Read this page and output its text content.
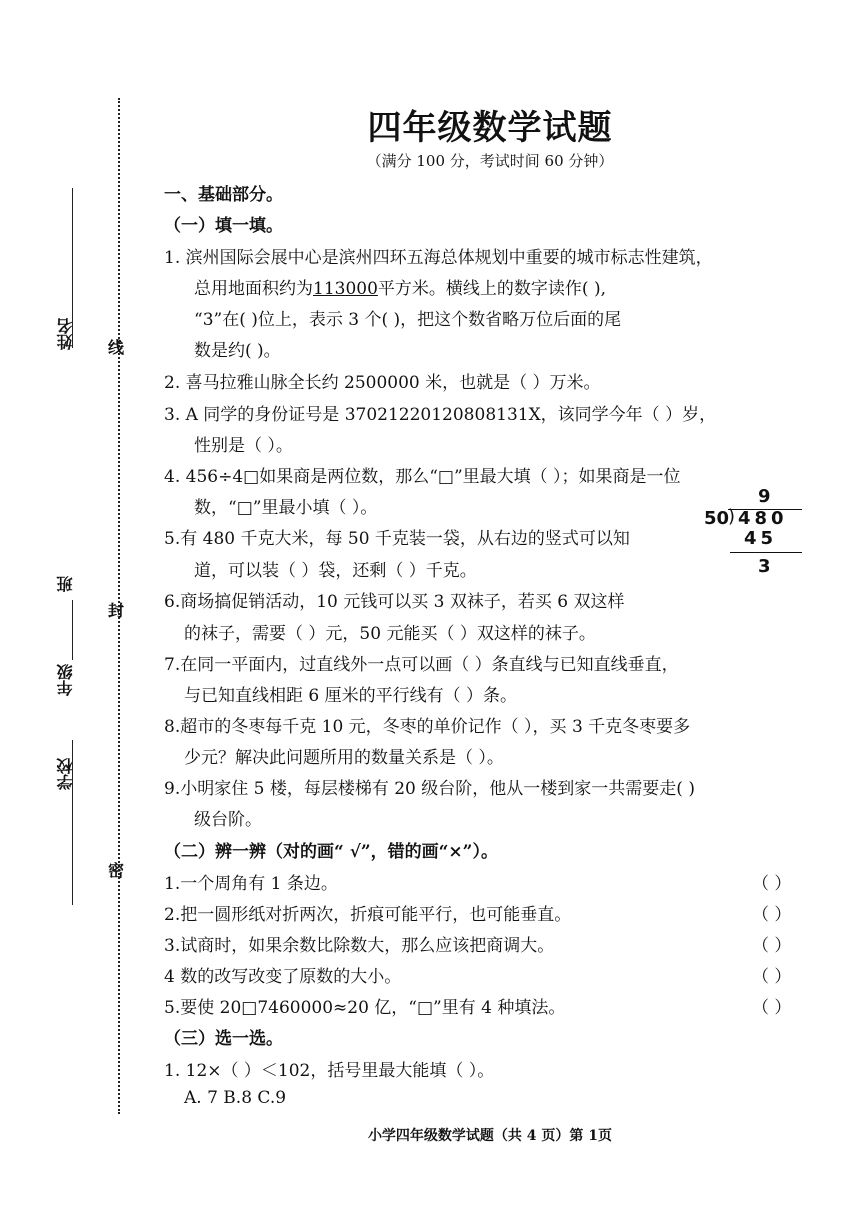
姓名
学校
年级
班
线
封
密
四年级数学试题
（满分 100 分，考试时间 60 分钟）
一、基础部分。
（一）填一填。
1. 滨州国际会展中心是滨州四环五海总体规划中重要的城市标志性建筑，
总用地面积约为113000平方米。横线上的数字读作( ),
“3”在( )位上，表示 3 个( )，把这个数省略万位后面的尾
数是约( )。
2. 喜马拉雅山脉全长约 2500000 米，也就是（ ）万米。
3. A 同学的身份证号是 37021220120808131X，该同学今年（ ）岁，
性别是（ ）。
4. 456÷4□如果商是两位数，那么“□”里最大填（ ）；如果商是一位
数，“□”里最小填（ ）。
5.有 480 千克大米，每 50 千克装一袋，从右边的竖式可以知
道，可以装（ ）袋，还剩（ ）千克。
6.商场搞促销活动，10 元钱可以买 3 双袜子，若买 6 双这样
的袜子，需要（ ）元，50 元能买（ ）双这样的袜子。
7.在同一平面内，过直线外一点可以画（ ）条直线与已知直线垂直，
与已知直线相距 6 厘米的平行线有（ ）条。
8.超市的冬枣每千克 10 元，冬枣的单价记作（ ），买 3 千克冬枣要多
少元？解决此问题所用的数量关系是（ ）。
9.小明家住 5 楼，每层楼梯有 20 级台阶，他从一楼到家一共需要走( )
级台阶。
9
50
) 480
45
3
（二）辨一辨（对的画“ √”，错的画“×”）。
1.一个周角有 1 条边。	（ ）
2.把一圆形纸对折两次，折痕可能平行，也可能垂直。	（ ）
3.试商时，如果余数比除数大，那么应该把商调大。	（ ）
4 数的改写改变了原数的大小。	（ ）
5.要使 20□7460000≈20 亿，“□”里有 4 种填法。	（ ）
（三）选一选。
1. 12×（ ）＜102，括号里最大能填（ ）。
A. 7 B.8 C.9
小学四年级数学试题（共 4 页）第 1页
